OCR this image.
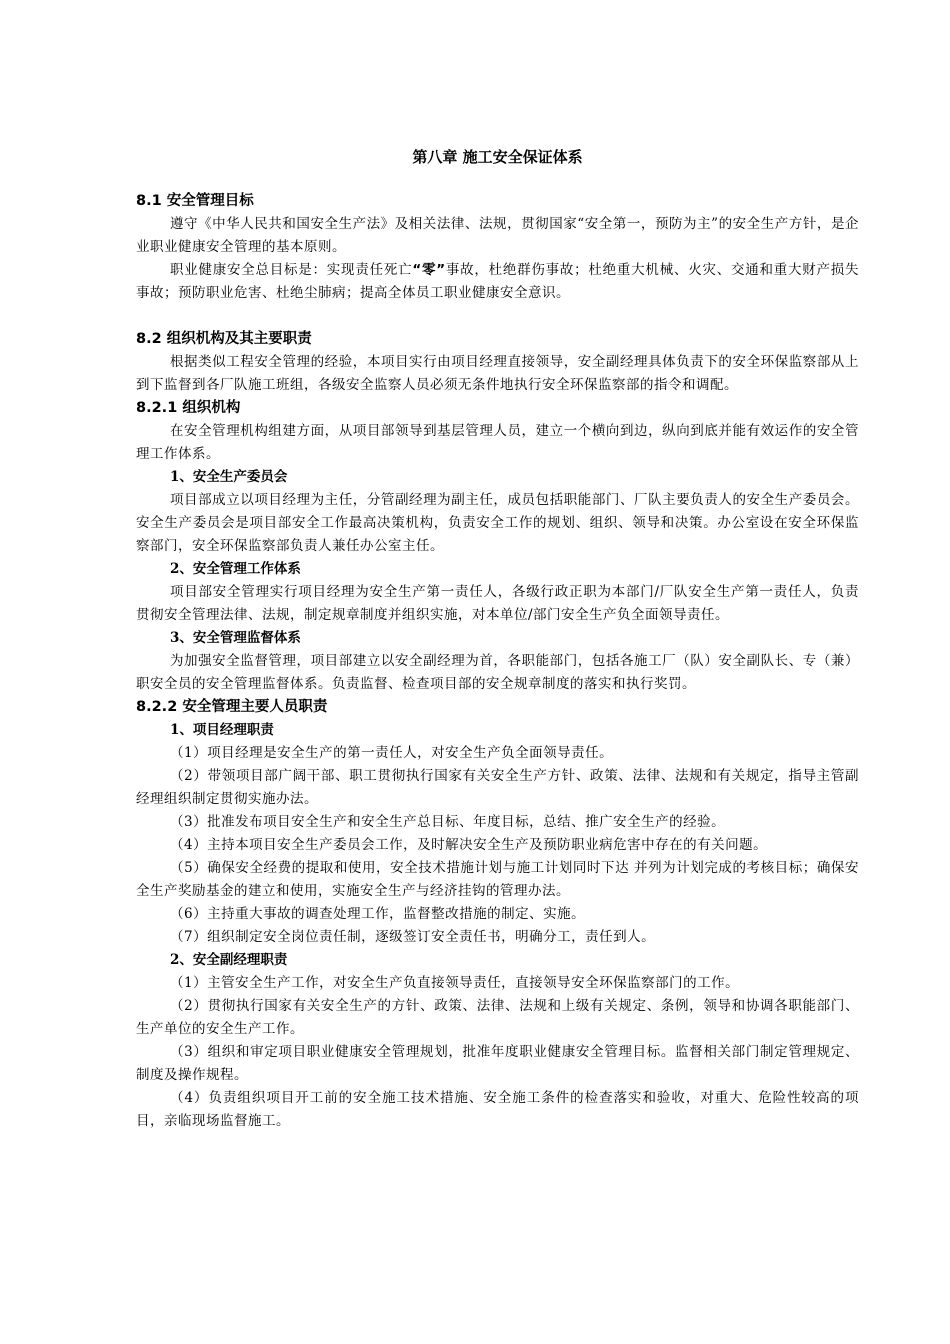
第八章 施工安全保证体系
8.1 安全管理目标

遵守《中华人民共和国安全生产法》及相关法律、法规，贯彻国家“安全第一，预防为主”的安全生产方针，是企业职业健康安全管理的基本原则。

职业健康安全总目标是：实现责任死亡“零”事故，杜绝群伤事故；杜绝重大机械、火灾、交通和重大财产损失事故；预防职业危害、杜绝尘肺病；提高全体员工职业健康安全意识。

8.2 组织机构及其主要职责

根据类似工程安全管理的经验，本项目实行由项目经理直接领导，安全副经理具体负责下的安全环保监察部从上到下监督到各厂队施工班组，各级安全监察人员必须无条件地执行安全环保监察部的指令和调配。

8.2.1 组织机构

在安全管理机构组建方面，从项目部领导到基层管理人员，建立一个横向到边，纵向到底并能有效运作的安全管理工作体系。

1、安全生产委员会

项目部成立以项目经理为主任，分管副经理为副主任，成员包括职能部门、厂队主要负责人的安全生产委员会。安全生产委员会是项目部安全工作最高决策机构，负责安全工作的规划、组织、领导和决策。办公室设在安全环保监察部门，安全环保监察部负责人兼任办公室主任。

2、安全管理工作体系

项目部安全管理实行项目经理为安全生产第一责任人，各级行政正职为本部门/厂队安全生产第一责任人，负责贯彻安全管理法律、法规，制定规章制度并组织实施，对本单位/部门安全生产负全面领导责任。

3、安全管理监督体系

为加强安全监督管理，项目部建立以安全副经理为首，各职能部门，包括各施工厂（队）安全副队长、专（兼）职安全员的安全管理监督体系。负责监督、检查项目部的安全规章制度的落实和执行奖罚。

8.2.2 安全管理主要人员职责
1、项目经理职责

（1）项目经理是安全生产的第一责任人，对安全生产负全面领导责任。

（2）带领项目部广阔干部、职工贯彻执行国家有关安全生产方针、政策、法律、法规和有关规定，指导主管副经理组织制定贯彻实施办法。

（3）批准发布项目安全生产和安全生产总目标、年度目标，总结、推广安全生产的经验。

（4）主持本项目安全生产委员会工作，及时解决安全生产及预防职业病危害中存在的有关问题。

（5）确保安全经费的提取和使用，安全技术措施计划与施工计划同时下达 并列为计划完成的考核目标；确保安全生产奖励基金的建立和使用，实施安全生产与经济挂钩的管理办法。

（6）主持重大事故的调查处理工作，监督整改措施的制定、实施。

（7）组织制定安全岗位责任制，逐级签订安全责任书，明确分工，责任到人。

2、安全副经理职责

（1）主管安全生产工作，对安全生产负直接领导责任，直接领导安全环保监察部门的工作。

（2）贯彻执行国家有关安全生产的方针、政策、法律、法规和上级有关规定、条例，领导和协调各职能部门、生产单位的安全生产工作。

（3）组织和审定项目职业健康安全管理规划，批准年度职业健康安全管理目标。监督相关部门制定管理规定、制度及操作规程。

（4）负责组织项目开工前的安全施工技术措施、安全施工条件的检查落实和验收，对重大、危险性较高的项目，亲临现场监督施工。
